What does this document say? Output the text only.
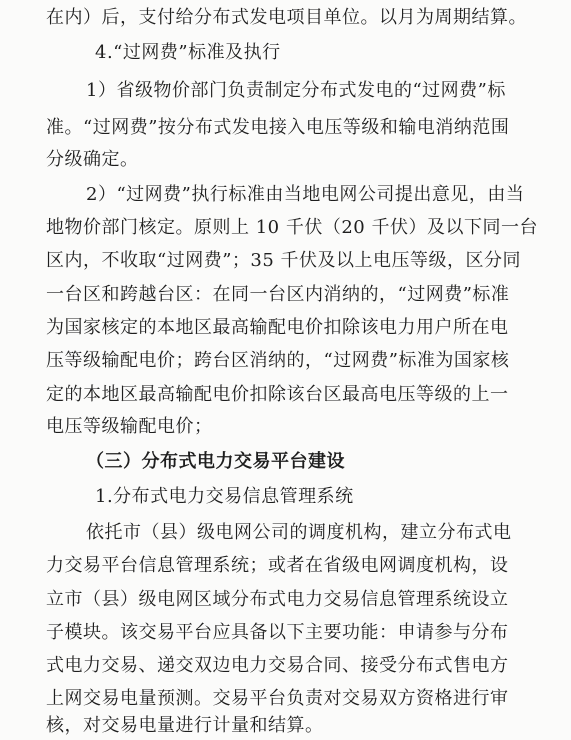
在内）后，支付给分布式发电项目单位。以月为周期结算。
4.“过网费”标准及执行
1）省级物价部门负责制定分布式发电的“过网费”标
准。“过网费”按分布式发电接入电压等级和输电消纳范围
分级确定。
2）“过网费”执行标准由当地电网公司提出意见，由当
地物价部门核定。原则上 10 千伏（20 千伏）及以下同一台
区内，不收取“过网费”；35 千伏及以上电压等级，区分同
一台区和跨越台区：在同一台区内消纳的，“过网费”标准
为国家核定的本地区最高输配电价扣除该电力用户所在电
压等级输配电价；跨台区消纳的，“过网费”标准为国家核
定的本地区最高输配电价扣除该台区最高电压等级的上一
电压等级输配电价；
（三）分布式电力交易平台建设
1.分布式电力交易信息管理系统
依托市（县）级电网公司的调度机构，建立分布式电
力交易平台信息管理系统；或者在省级电网调度机构，设
立市（县）级电网区域分布式电力交易信息管理系统设立
子模块。该交易平台应具备以下主要功能：申请参与分布
式电力交易、递交双边电力交易合同、接受分布式售电方
上网交易电量预测。交易平台负责对交易双方资格进行审
核，对交易电量进行计量和结算。
